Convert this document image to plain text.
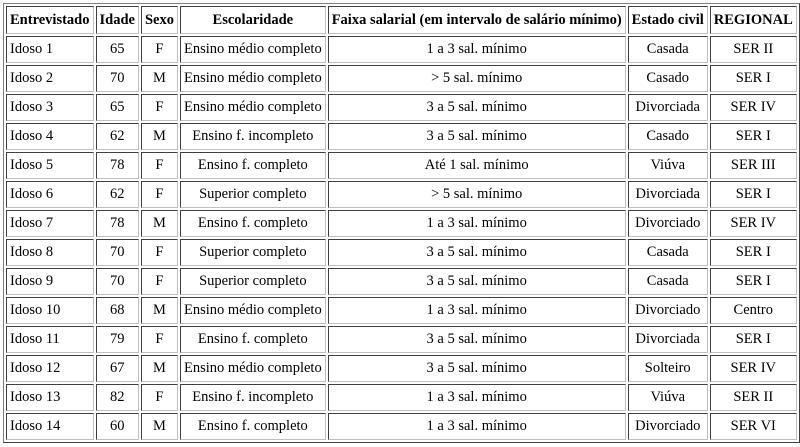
Entrevistado	Idade	Sexo	Escolaridade	Faixa salarial (em intervalo de salário mínimo)	Estado civil	REGIONAL
Idoso 1	65	F	Ensino médio completo	1 a 3 sal. mínimo	Casada	SER II
Idoso 2	70	M	Ensino médio completo	> 5 sal. mínimo	Casado	SER I
Idoso 3	65	F	Ensino médio completo	3 a 5 sal. mínimo	Divorciada	SER IV
Idoso 4	62	M	Ensino f. incompleto	3 a 5 sal. mínimo	Casado	SER I
Idoso 5	78	F	Ensino f. completo	Até 1 sal. mínimo	Viúva	SER III
Idoso 6	62	F	Superior completo	> 5 sal. mínimo	Divorciada	SER I
Idoso 7	78	M	Ensino f. completo	1 a 3 sal. mínimo	Divorciado	SER IV
Idoso 8	70	F	Superior completo	3 a 5 sal. mínimo	Casada	SER I
Idoso 9	70	F	Superior completo	3 a 5 sal. mínimo	Casada	SER I
Idoso 10	68	M	Ensino médio completo	1 a 3 sal. mínimo	Divorciado	Centro
Idoso 11	79	F	Ensino f. completo	3 a 5 sal. mínimo	Divorciada	SER I
Idoso 12	67	M	Ensino médio completo	3 a 5 sal. mínimo	Solteiro	SER IV
Idoso 13	82	F	Ensino f. incompleto	1 a 3 sal. mínimo	Viúva	SER II
Idoso 14	60	M	Ensino f. completo	1 a 3 sal. mínimo	Divorciado	SER VI
